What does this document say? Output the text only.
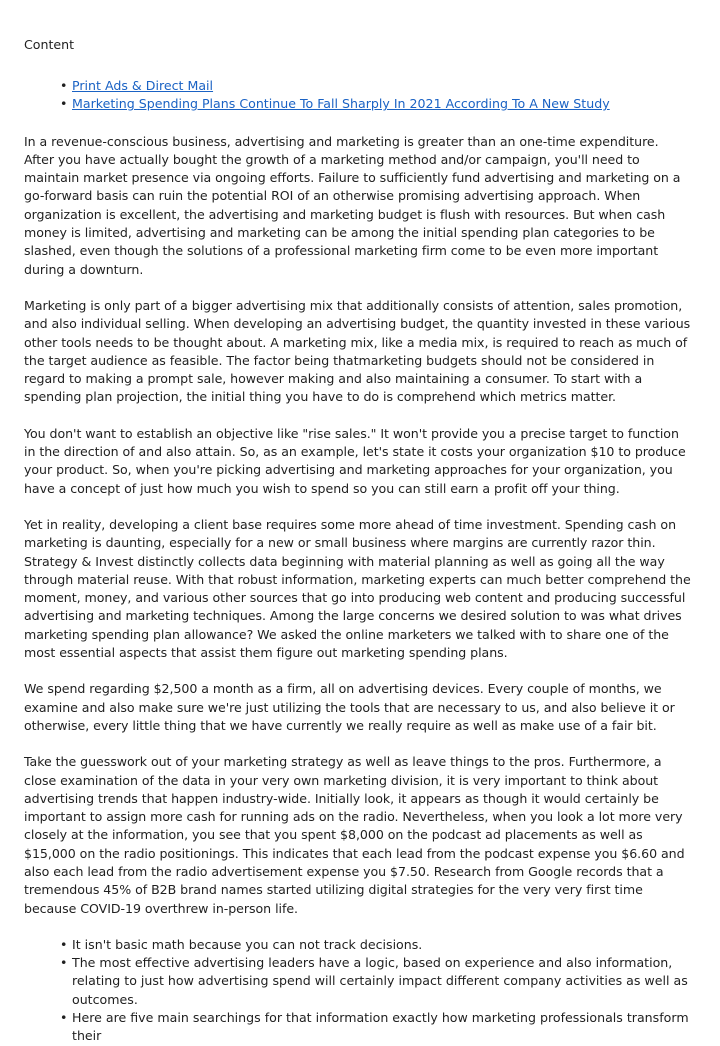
Content
• Print Ads & Direct Mail
• Marketing Spending Plans Continue To Fall Sharply In 2021 According To A New Study

In a revenue-conscious business, advertising and marketing is greater than an one-time expenditure. After you have actually bought the growth of a marketing method and/or campaign, you'll need to maintain market presence via ongoing efforts. Failure to sufficiently fund advertising and marketing on a go-forward basis can ruin the potential ROI of an otherwise promising advertising approach. When organization is excellent, the advertising and marketing budget is flush with resources. But when cash money is limited, advertising and marketing can be among the initial spending plan categories to be slashed, even though the solutions of a professional marketing firm come to be even more important during a downturn.

Marketing is only part of a bigger advertising mix that additionally consists of attention, sales promotion, and also individual selling. When developing an advertising budget, the quantity invested in these various other tools needs to be thought about. A marketing mix, like a media mix, is required to reach as much of the target audience as feasible. The factor being thatmarketing budgets should not be considered in regard to making a prompt sale, however making and also maintaining a consumer. To start with a spending plan projection, the initial thing you have to do is comprehend which metrics matter.

You don't want to establish an objective like "rise sales." It won't provide you a precise target to function in the direction of and also attain. So, as an example, let's state it costs your organization $10 to produce your product. So, when you're picking advertising and marketing approaches for your organization, you have a concept of just how much you wish to spend so you can still earn a profit off your thing.

Yet in reality, developing a client base requires some more ahead of time investment. Spending cash on marketing is daunting, especially for a new or small business where margins are currently razor thin. Strategy & Invest distinctly collects data beginning with material planning as well as going all the way through material reuse. With that robust information, marketing experts can much better comprehend the moment, money, and various other sources that go into producing web content and producing successful advertising and marketing techniques. Among the large concerns we desired solution to was what drives marketing spending plan allowance? We asked the online marketers we talked with to share one of the most essential aspects that assist them figure out marketing spending plans.

We spend regarding $2,500 a month as a firm, all on advertising devices. Every couple of months, we examine and also make sure we're just utilizing the tools that are necessary to us, and also believe it or otherwise, every little thing that we have currently we really require as well as make use of a fair bit.

Take the guesswork out of your marketing strategy as well as leave things to the pros. Furthermore, a close examination of the data in your very own marketing division, it is very important to think about advertising trends that happen industry-wide. Initially look, it appears as though it would certainly be important to assign more cash for running ads on the radio. Nevertheless, when you look a lot more very closely at the information, you see that you spent $8,000 on the podcast ad placements as well as $15,000 on the radio positionings. This indicates that each lead from the podcast expense you $6.60 and also each lead from the radio advertisement expense you $7.50. Research from Google records that a tremendous 45% of B2B brand names started utilizing digital strategies for the very very first time because COVID-19 overthrew in-person life.

• It isn't basic math because you can not track decisions.
• The most effective advertising leaders have a logic, based on experience and also information, relating to just how advertising spend will certainly impact different company activities as well as outcomes.
• Here are five main searchings for that information exactly how marketing professionals transform their
